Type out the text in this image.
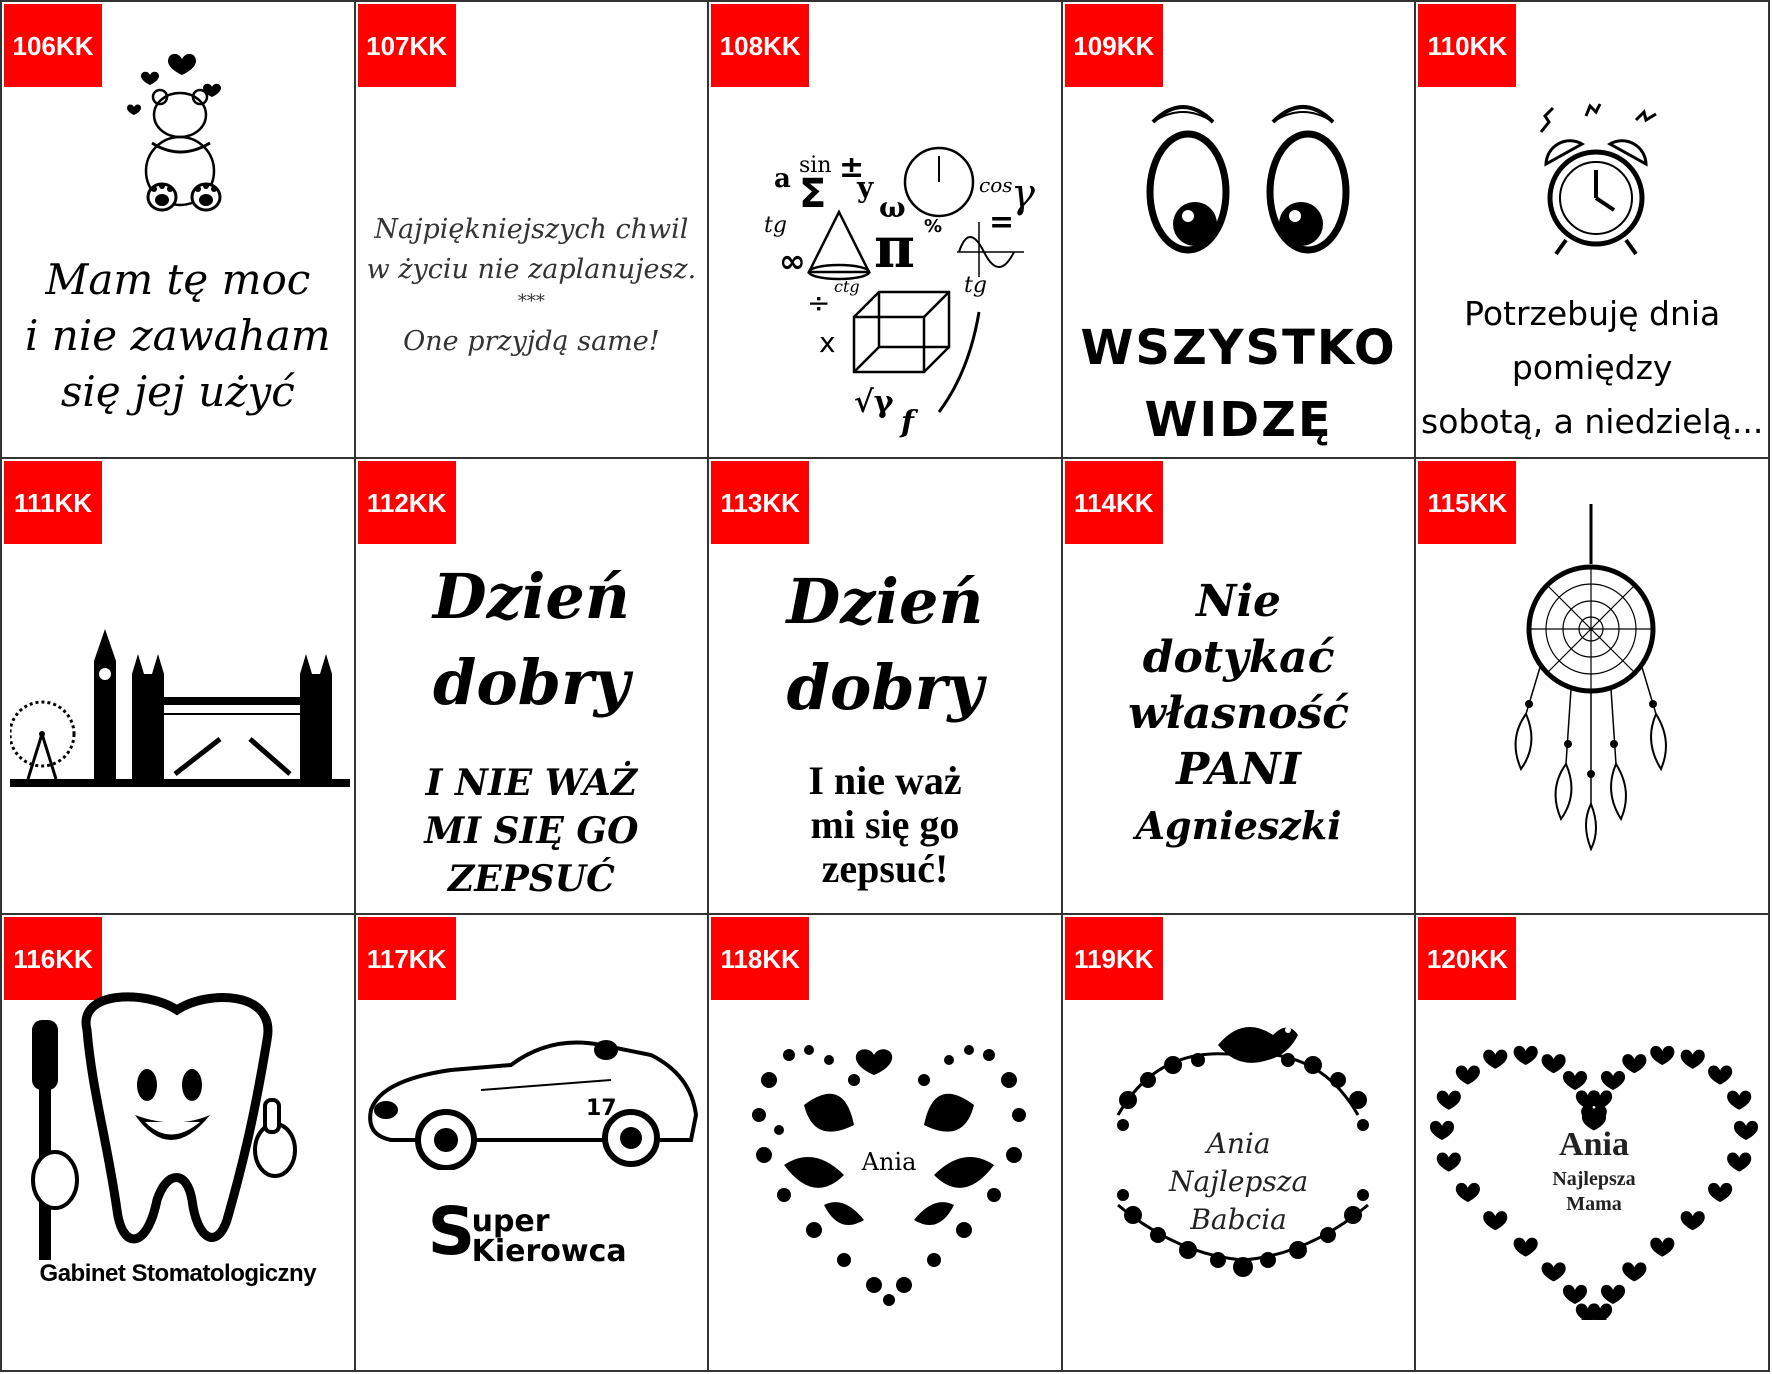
106KK
Mam tę moc
i nie zawaham
się jej użyć
107KK
Najpiękniejszych chwil
w życiu nie zaplanujesz.
***
One przyjdą same!
108KK
sin ±
Σ
a y
tg
ω
π %
cos
ctg
γ
∞
÷
x
√γ
f
=
tg
109KK
WSZYSTKO
WIDZĘ
110KK
Potrzebuję dnia
pomiędzy
sobotą, a niedzielą...
111KK	112KK
Dzień
dobry
I NIE WAŻ
MI SIĘ GO
ZEPSUĆ
113KK
Dzień
dobry
I nie waż
mi się go
zepsuć!
114KK
Nie
dotykać
własność
PANI
Agnieszki
115KK
116KK
Gabinet Stomatologiczny
117KK
17
S
uper
Kierowca
118KK
Ania
119KK
Ania
Najlepsza
Babcia
120KK
Ania
Najlepsza
Mama
